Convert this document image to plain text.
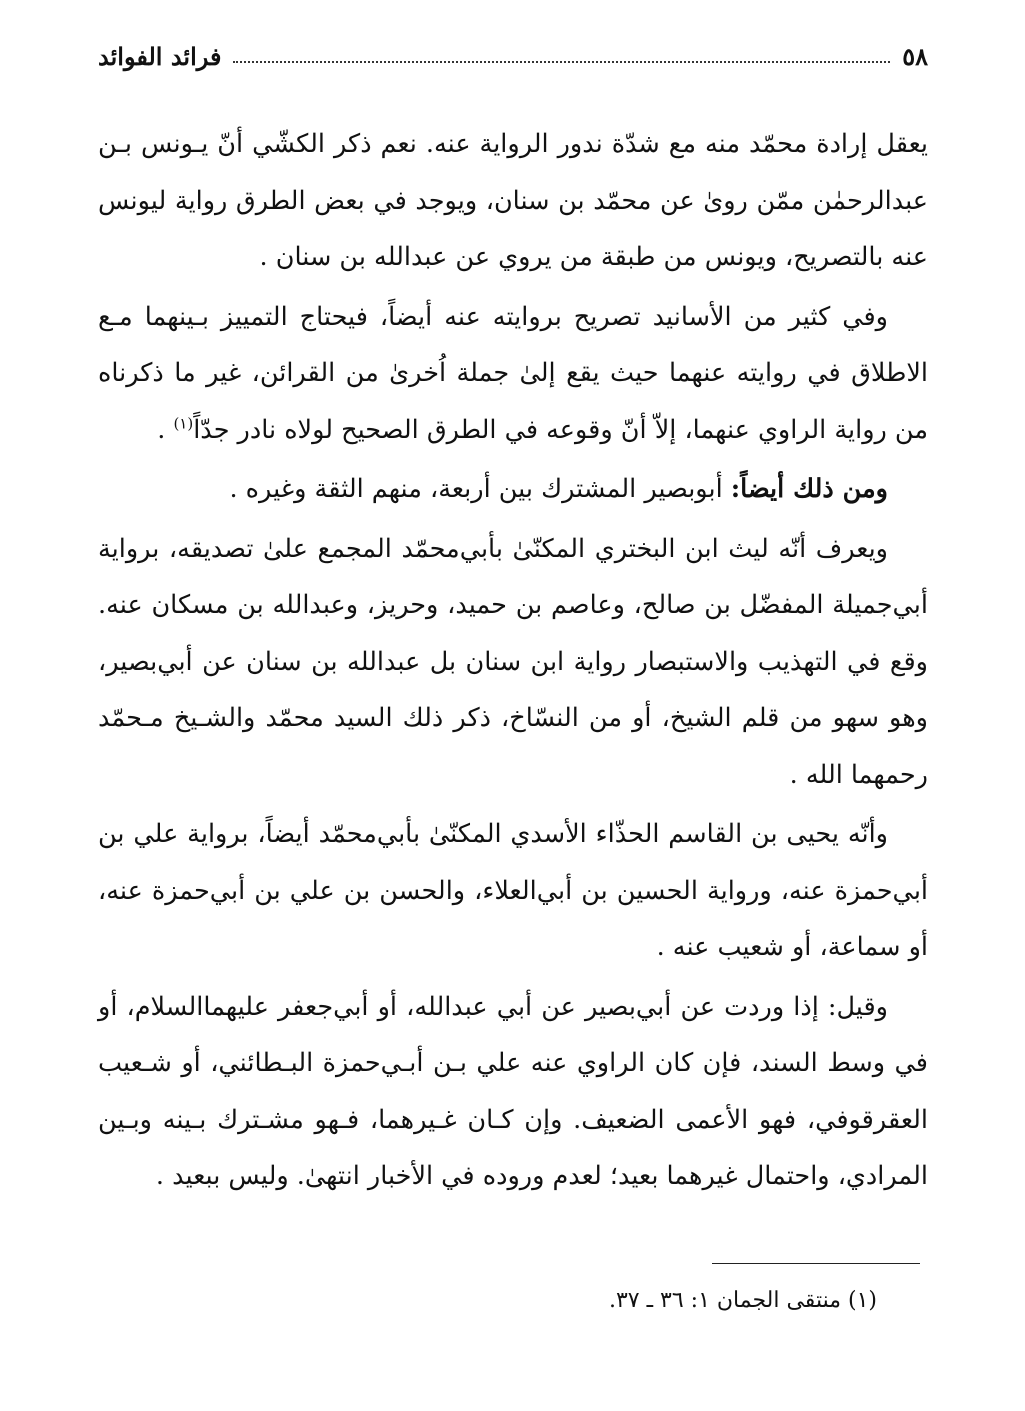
٥٨
فرائد الفوائد

يعقل إرادة محمّد منه مع شدّة ندور الرواية عنه. نعم ذكر الكشّي أنّ يـونس بـن عبدالرحمٰن ممّن روىٰ عن محمّد بن سنان، ويوجد في بعض الطرق رواية ليونس عنه بالتصريح، ويونس من طبقة من يروي عن عبدالله بن سنان .

وفي كثير من الأسانيد تصريح بروايته عنه أيضاً، فيحتاج التمييز بـينهما مـع الاطلاق في روايته عنهما حيث يقع إلىٰ جملة اُخرىٰ من القرائن، غير ما ذكرناه من رواية الراوي عنهما، إلاّ أنّ وقوعه في الطرق الصحيح لولاه نادر جدّاً$^{(١)}$ .

ومن ذلك أيضاً: أبوبصير المشترك بين أربعة، منهم الثقة وغيره .

ويعرف أنّه ليث ابن البختري المكنّىٰ بأبي‌محمّد المجمع علىٰ تصديقه، برواية أبي‌جميلة المفضّل بن صالح، وعاصم بن حميد، وحريز، وعبدالله بن مسكان عنه. وقع في التهذيب والاستبصار رواية ابن سنان بل عبدالله بن سنان عن أبي‌بصير، وهو سهو من قلم الشيخ، أو من النسّاخ، ذكر ذلك السيد محمّد والشـيخ مـحمّد رحمهما الله .

وأنّه يحيى بن القاسم الحذّاء الأسدي المكنّىٰ بأبي‌محمّد أيضاً، برواية علي بن أبي‌حمزة عنه، ورواية الحسين بن أبي‌العلاء، والحسن بن علي بن أبي‌حمزة عنه، أو سماعة، أو شعيب عنه .

وقيل: إذا وردت عن أبي‌بصير عن أبي عبدالله، أو أبي‌جعفر عليهماالسلام، أو في وسط السند، فإن كان الراوي عنه علي بـن أبـي‌حمزة البـطائني، أو شـعيب العقرقوفي، فهو الأعمى الضعيف. وإن كـان غـيرهما، فـهو مشـترك بـينه وبـين المرادي، واحتمال غيرهما بعيد؛ لعدم وروده في الأخبار انتهىٰ. وليس ببعيد .

(١) منتقى الجمان ١: ٣٦ ـ ٣٧.
